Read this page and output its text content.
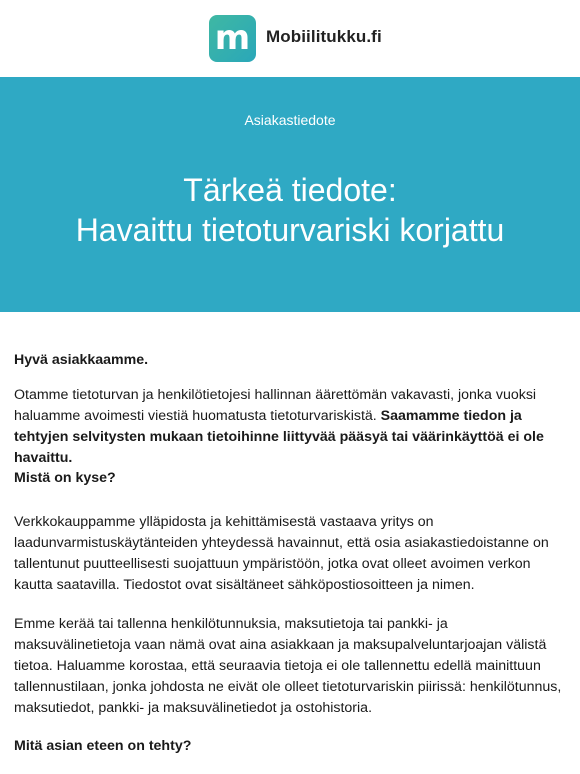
m Mobiilitukku.fi
Asiakastiedote
Tärkeä tiedote:
Havaittu tietoturvariski korjattu

Hyvä asiakkaamme.

Otamme tietoturvan ja henkilötietojesi hallinnan äärettömän vakavasti, jonka vuoksi haluamme avoimesti viestiä huomatusta tietoturvariskistä. Saamamme tiedon ja tehtyjen selvitysten mukaan tietoihinne liittyvää pääsyä tai väärinkäyttöä ei ole havaittu.

Mistä on kyse?

Verkkokauppamme ylläpidosta ja kehittämisestä vastaava yritys on laadunvarmistuskäytänteiden yhteydessä havainnut, että osia asiakastiedoistanne on tallentunut puutteellisesti suojattuun ympäristöön, jotka ovat olleet avoimen verkon kautta saatavilla. Tiedostot ovat sisältäneet sähköpostiosoitteen ja nimen.

Emme kerää tai tallenna henkilötunnuksia, maksutietoja tai pankki- ja maksuvälinetietoja vaan nämä ovat aina asiakkaan ja maksupalveluntarjoajan välistä tietoa. Haluamme korostaa, että seuraavia tietoja ei ole tallennettu edellä mainittuun tallennustilaan, jonka johdosta ne eivät ole olleet tietoturvariskin piirissä: henkilötunnus, maksutiedot, pankki- ja maksuvälinetiedot ja ostohistoria.

Mitä asian eteen on tehty?
